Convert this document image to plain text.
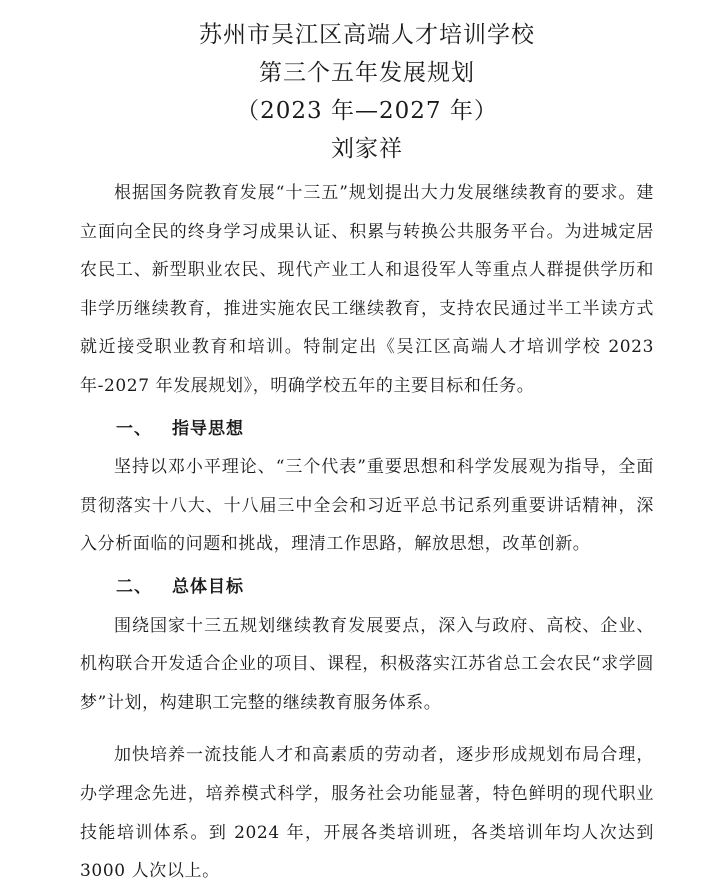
苏州市吴江区高端人才培训学校
第三个五年发展规划
（2023 年—2027 年）
刘家祥

根据国务院教育发展“十三五”规划提出大力发展继续教育的要求。建立面向全民的终身学习成果认证、积累与转换公共服务平台。为进城定居农民工、新型职业农民、现代产业工人和退役军人等重点人群提供学历和非学历继续教育，推进实施农民工继续教育，支持农民通过半工半读方式就近接受职业教育和培训。特制定出《吴江区高端人才培训学校 2023 年-2027 年发展规划》，明确学校五年的主要目标和任务。

一、 指导思想

坚持以邓小平理论、“三个代表”重要思想和科学发展观为指导，全面贯彻落实十八大、十八届三中全会和习近平总书记系列重要讲话精神，深入分析面临的问题和挑战，理清工作思路，解放思想，改革创新。

二、 总体目标

围绕国家十三五规划继续教育发展要点，深入与政府、高校、企业、机构联合开发适合企业的项目、课程，积极落实江苏省总工会农民“求学圆梦”计划，构建职工完整的继续教育服务体系。

加快培养一流技能人才和高素质的劳动者，逐步形成规划布局合理，办学理念先进，培养模式科学，服务社会功能显著，特色鲜明的现代职业技能培训体系。到 2024 年，开展各类培训班，各类培训年均人次达到 3000 人次以上。
